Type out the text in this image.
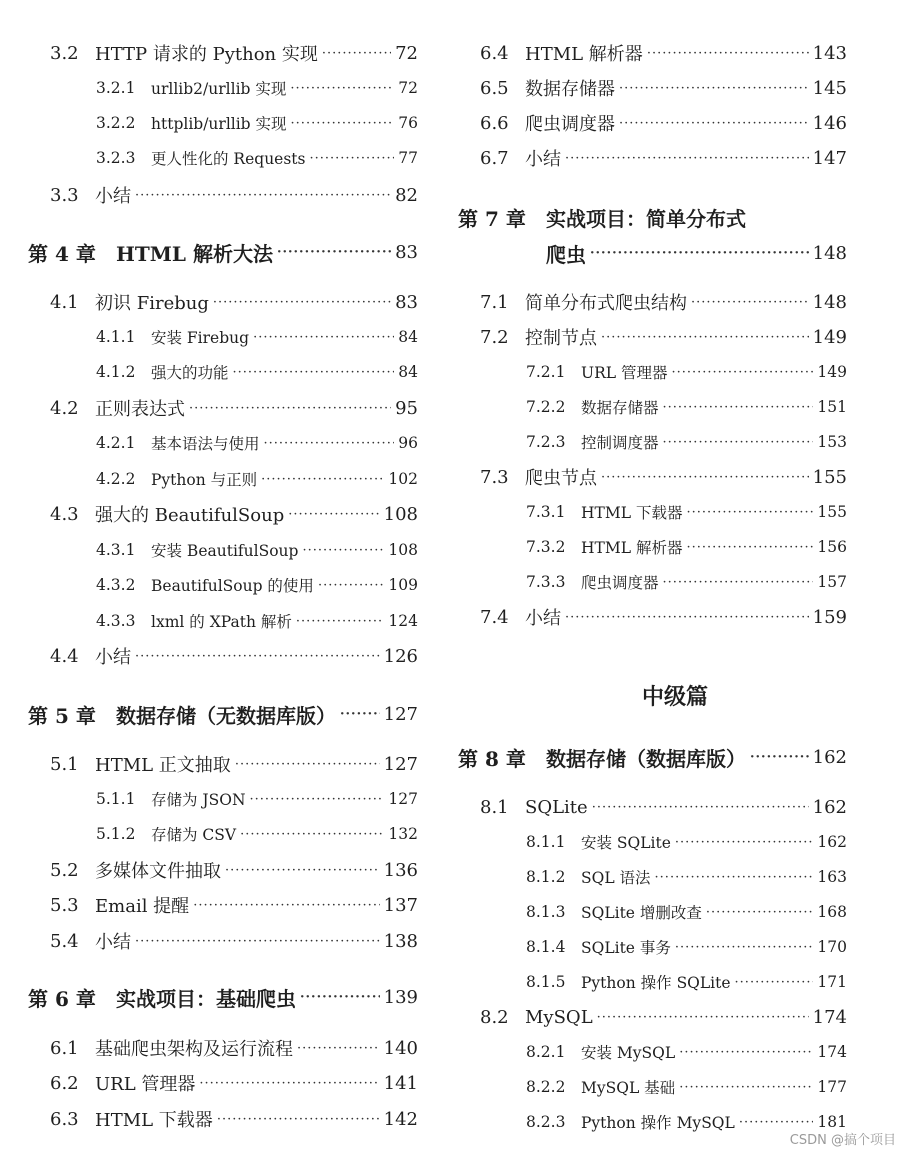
3.2 HTTP 请求的 Python 实现 ·····	72
3.2.1	urllib2/urllib 实现 ·····	72
3.2.2	httplib/urllib 实现 ·····	76
3.2.3	更人性化的 Requests ·····	77
3.3 小结 ·····	82
第 4 章	HTML 解析大法 ·····	83
4.1 初识 Firebug ·····	83
4.1.1	安装 Firebug ·····	84
4.1.2	强大的功能 ·····	84
4.2 正则表达式 ·····	95
4.2.1	基本语法与使用 ·····	96
4.2.2	Python 与正则 ·····	102
4.3 强大的 BeautifulSoup ·····	108
4.3.1	安装 BeautifulSoup ·····	108
4.3.2	BeautifulSoup 的使用 ·····	109
4.3.3	lxml 的 XPath 解析 ·····	124
4.4 小结 ·····	126
第 5 章	数据存储（无数据库版） ·····	127
5.1 HTML 正文抽取 ·····	127
5.1.1	存储为 JSON ·····	127
5.1.2	存储为 CSV ·····	132
5.2 多媒体文件抽取 ·····	136
5.3 Email 提醒 ·····	137
5.4 小结 ·····	138
第 6 章	实战项目：基础爬虫 ·····	139
6.1 基础爬虫架构及运行流程 ·····	140
6.2 URL 管理器 ·····	141
6.3 HTML 下载器 ·····	142
6.4 HTML 解析器 ·····	143
6.5 数据存储器 ·····	145
6.6 爬虫调度器 ·····	146
6.7 小结 ·····	147
第 7 章	实战项目：简单分布式
爬虫 ·····	148
7.1 简单分布式爬虫结构 ·····	148
7.2 控制节点 ·····	149
7.2.1	URL 管理器 ·····	149
7.2.2	数据存储器 ·····	151
7.2.3	控制调度器 ·····	153
7.3 爬虫节点 ·····	155
7.3.1	HTML 下载器 ·····	155
7.3.2	HTML 解析器 ·····	156
7.3.3	爬虫调度器 ·····	157
7.4 小结 ·····	159
第 8 章	数据存储（数据库版） ·····	162
8.1 SQLite ·····	162
8.1.1	安装 SQLite ·····	162
8.1.2	SQL 语法 ·····	163
8.1.3	SQLite 增删改查 ·····	168
8.1.4	SQLite 事务 ·····	170
8.1.5	Python 操作 SQLite ·····	171
8.2 MySQL ·····	174
8.2.1	安装 MySQL ·····	174
8.2.2	MySQL 基础 ·····	177
8.2.3	Python 操作 MySQL ·····	181
中级篇
CSDN @搞个项目
